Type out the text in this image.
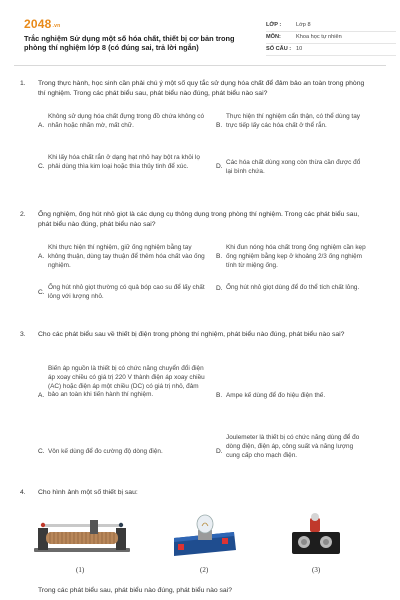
$2048^{.vn}$
Trắc nghiệm Sử dụng một số hóa chất, thiết bị cơ bản trong phòng thí nghiệm lớp 8 (có đúng sai, trả lời ngắn)
LỚP :	Lớp 8
MÔN:	Khoa học tự nhiên
SỐ CÂU : 10
1. Trong thực hành, học sinh cần phải chú ý một số quy tắc sử dụng hóa chất để đảm bảo an toàn trong phòng thí nghiệm. Trong các phát biểu sau, phát biểu nào đúng, phát biểu nào sai?
A.
Không sử dụng hóa chất đựng trong đồ chứa không có nhãn hoặc nhãn mờ, mất chữ.	B.
Thực hiện thí nghiệm cẩn thận, có thể dùng tay trực tiếp lấy các hóa chất ở thể rắn.
C.
Khi lấy hóa chất rắn ở dạng hạt nhỏ hay bột ra khỏi lọ phải dùng thìa kim loại hoặc thìa thủy tinh để xúc.	D.
Các hóa chất dùng xong còn thừa cần được đổ lại bình chứa.
2. Ống nghiệm, ống hút nhỏ giọt là các dụng cụ thông dụng trong phòng thí nghiệm. Trong các phát biểu sau, phát biểu nào đúng, phát biểu nào sai?
A.
Khi thực hiện thí nghiệm, giữ ống nghiệm bằng tay không thuận, dùng tay thuận để thêm hóa chất vào ống nghiệm.
B.
Khi đun nóng hóa chất trong ống nghiệm cần kẹp ống nghiệm bằng kẹp ở khoảng 2/3 ống nghiệm tính từ miệng ống.
C.
Ống hút nhỏ giọt thường có quả bóp cao su để lấy chất lỏng với lượng nhỏ.
D. Ống hút nhỏ giọt dùng để đo thể tích chất lỏng.
3. Cho các phát biểu sau về thiết bị điện trong phòng thí nghiệm, phát biểu nào đúng, phát biểu nào sai?
A.
Biến áp nguồn là thiết bị có chức năng chuyển đổi điện áp xoay chiều có giá trị 220 V thành điện áp xoay chiều (AC) hoặc điện áp một chiều (DC) có giá trị nhỏ, đảm bảo an toàn khi tiến hành thí nghiệm.	B. Ampe kế dùng để đo hiệu điện thế.
C. Vôn kế dùng để đo cường độ dòng điện.	D.
Joulemeter là thiết bị có chức năng dùng để đo dòng điện, điện áp, công suất và năng lượng cung cấp cho mạch điện.
4. Cho hình ảnh một số thiết bị sau:
(1)	(2)	(3)
Trong các phát biểu sau, phát biểu nào đúng, phát biểu nào sai?
